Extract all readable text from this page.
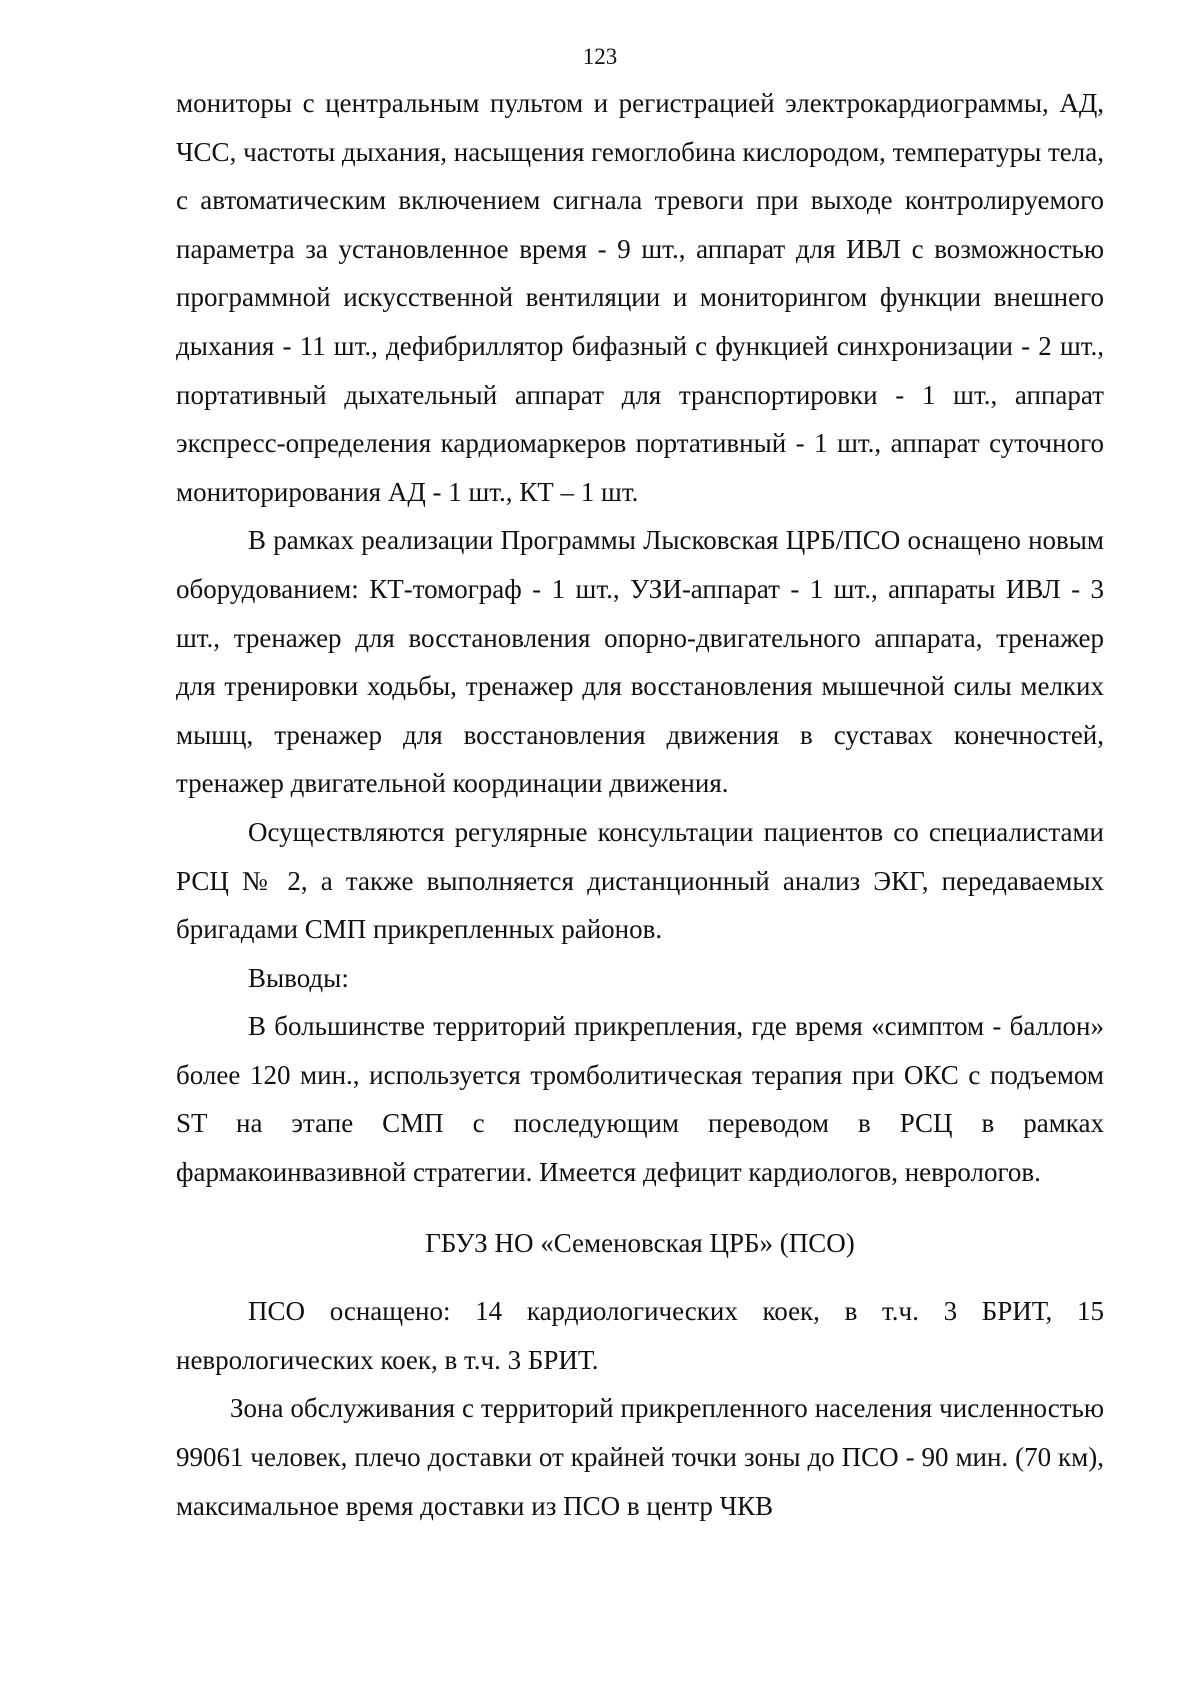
123

мониторы с центральным пультом и регистрацией электрокардиограммы, АД, ЧСС, частоты дыхания, насыщения гемоглобина кислородом, температуры тела, с автоматическим включением сигнала тревоги при выходе контролируемого параметра за установленное время - 9 шт., аппарат для ИВЛ с возможностью программной искусственной вентиляции и мониторингом функции внешнего дыхания - 11 шт., дефибриллятор бифазный с функцией синхронизации - 2 шт., портативный дыхательный аппарат для транспортировки - 1 шт., аппарат экспресс-определения кардиомаркеров портативный - 1 шт., аппарат суточного мониторирования АД - 1 шт., КТ – 1 шт.

В рамках реализации Программы Лысковская ЦРБ/ПСО оснащено новым оборудованием: КТ-томограф - 1 шт., УЗИ-аппарат - 1 шт., аппараты ИВЛ - 3 шт., тренажер для восстановления опорно-двигательного аппарата, тренажер для тренировки ходьбы, тренажер для восстановления мышечной силы мелких мышц, тренажер для восстановления движения в суставах конечностей, тренажер двигательной координации движения.

Осуществляются регулярные консультации пациентов со специалистами РСЦ № 2, а также выполняется дистанционный анализ ЭКГ, передаваемых бригадами СМП прикрепленных районов.

Выводы:

В большинстве территорий прикрепления, где время «симптом - баллон» более 120 мин., используется тромболитическая терапия при ОКС с подъемом ST на этапе СМП с последующим переводом в РСЦ в рамках фармакоинвазивной стратегии. Имеется дефицит кардиологов, неврологов.

ГБУЗ НО «Семеновская ЦРБ» (ПСО)

ПСО оснащено: 14 кардиологических коек, в т.ч. 3 БРИТ, 15 неврологических коек, в т.ч. 3 БРИТ.

Зона обслуживания с территорий прикрепленного населения численностью 99061 человек, плечо доставки от крайней точки зоны до ПСО - 90 мин. (70 км), максимальное время доставки из ПСО в центр ЧКВ
